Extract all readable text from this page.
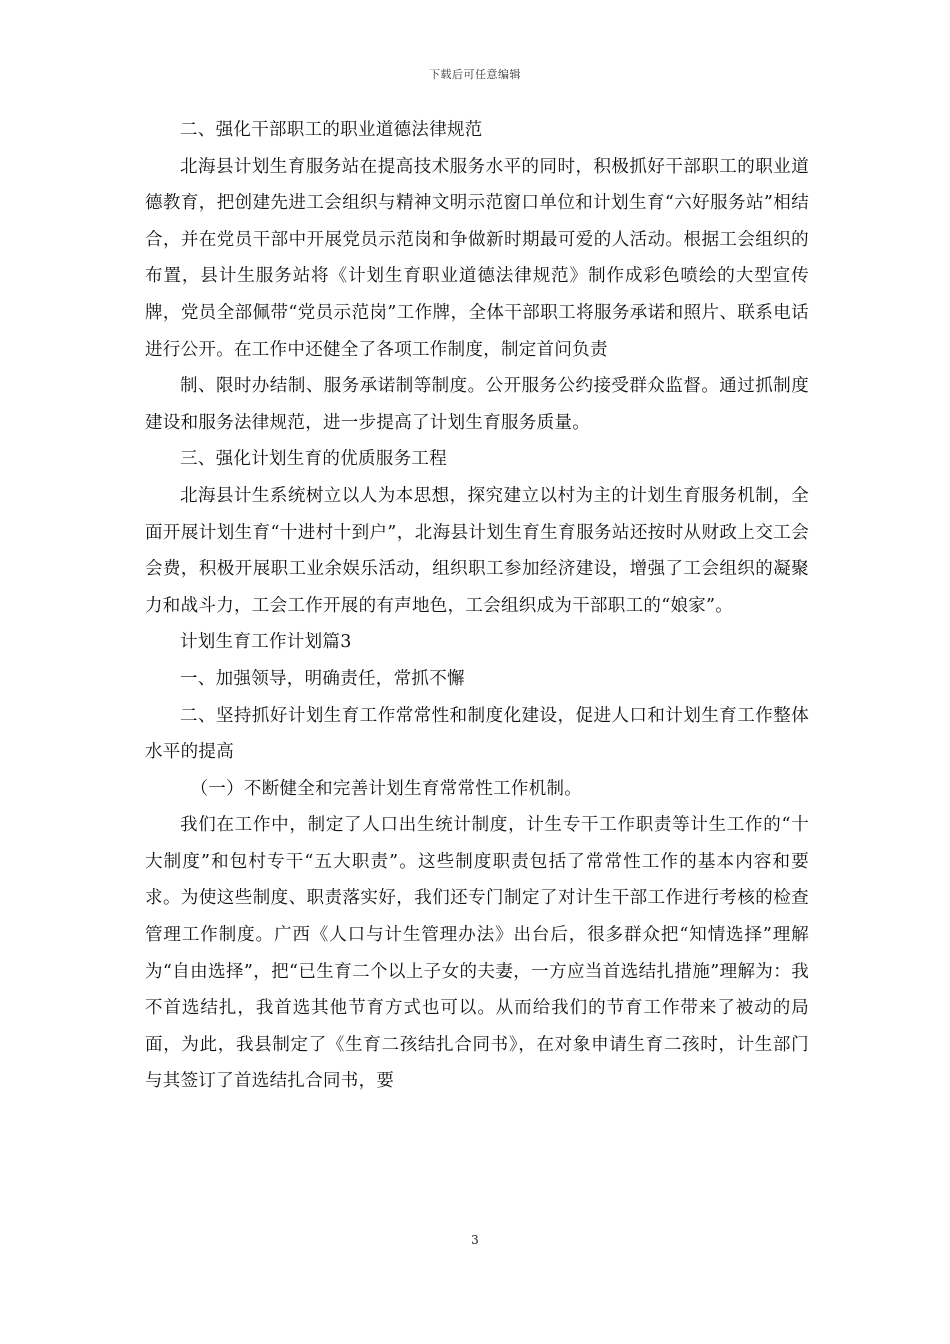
下载后可任意编辑

二、强化干部职工的职业道德法律规范

北海县计划生育服务站在提高技术服务水平的同时，积极抓好干部职工的职业道德教育，把创建先进工会组织与精神文明示范窗口单位和计划生育“六好服务站”相结合，并在党员干部中开展党员示范岗和争做新时期最可爱的人活动。根据工会组织的布置，县计生服务站将《计划生育职业道德法律规范》制作成彩色喷绘的大型宣传牌，党员全部佩带“党员示范岗”工作牌，全体干部职工将服务承诺和照片、联系电话进行公开。在工作中还健全了各项工作制度，制定首问负责

制、限时办结制、服务承诺制等制度。公开服务公约接受群众监督。通过抓制度建设和服务法律规范，进一步提高了计划生育服务质量。

三、强化计划生育的优质服务工程

北海县计生系统树立以人为本思想，探究建立以村为主的计划生育服务机制，全面开展计划生育“十进村十到户”，北海县计划生育生育服务站还按时从财政上交工会会费，积极开展职工业余娱乐活动，组织职工参加经济建设，增强了工会组织的凝聚力和战斗力，工会工作开展的有声地色，工会组织成为干部职工的“娘家”。

计划生育工作计划篇3

一、加强领导，明确责任，常抓不懈

二、坚持抓好计划生育工作常常性和制度化建设，促进人口和计划生育工作整体水平的提高

（一）不断健全和完善计划生育常常性工作机制。

我们在工作中，制定了人口出生统计制度，计生专干工作职责等计生工作的“十大制度”和包村专干“五大职责”。这些制度职责包括了常常性工作的基本内容和要求。为使这些制度、职责落实好，我们还专门制定了对计生干部工作进行考核的检查管理工作制度。广西《人口与计生管理办法》出台后，很多群众把“知情选择”理解为“自由选择”，把“已生育二个以上子女的夫妻，一方应当首选结扎措施”理解为：我不首选结扎，我首选其他节育方式也可以。从而给我们的节育工作带来了被动的局面，为此，我县制定了《生育二孩结扎合同书》，在对象申请生育二孩时，计生部门与其签订了首选结扎合同书，要

3
